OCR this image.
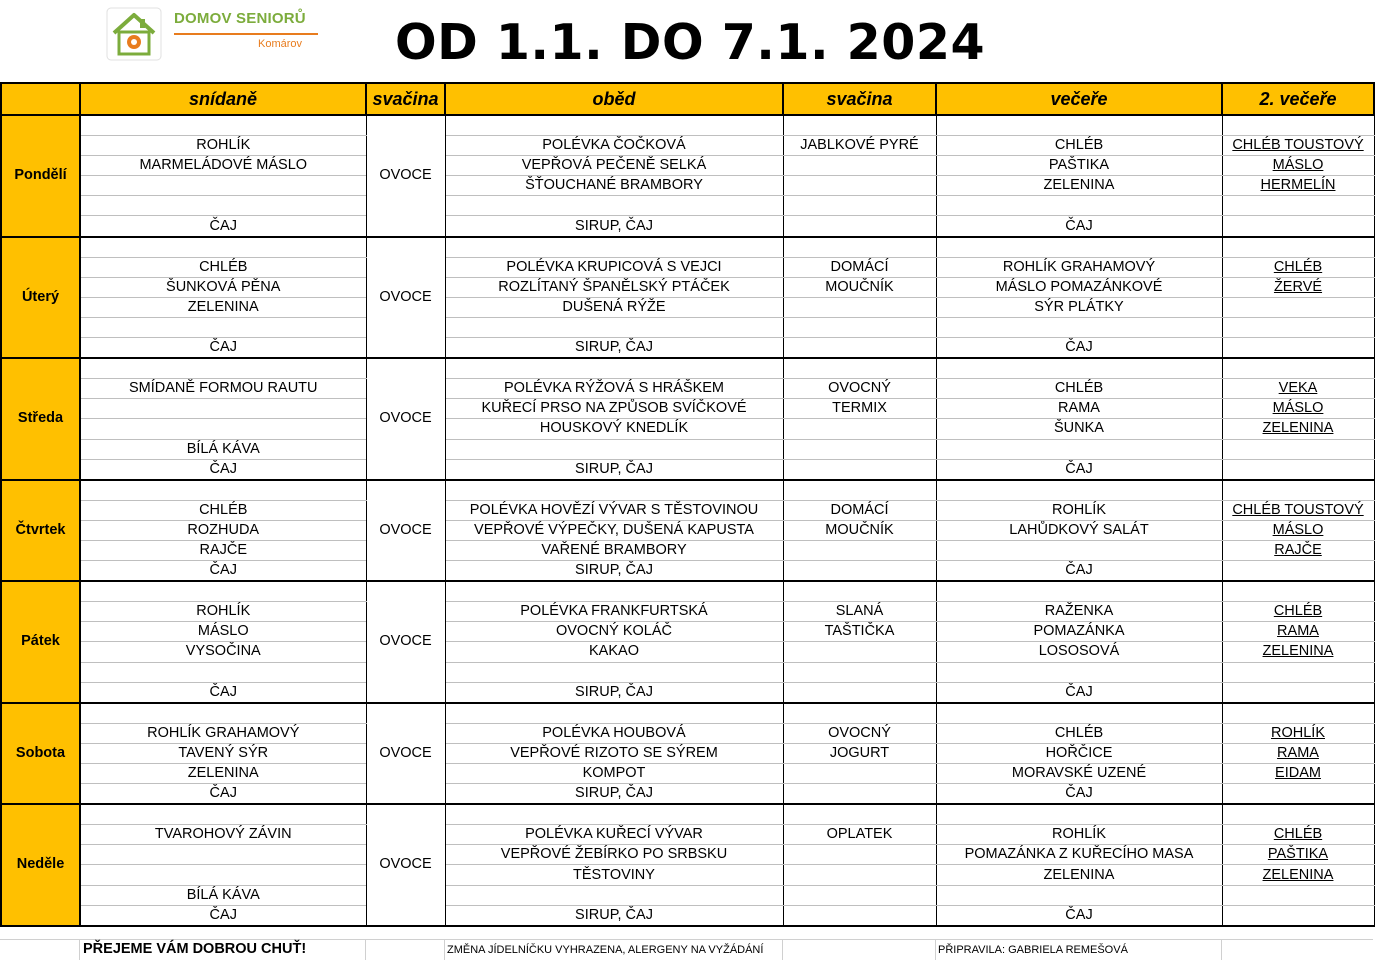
DOMOV SENIORŮ
Komárov	OD 1.1. DO 7.1. 2024
	snídaně	svačina	oběd	svačina	večeře	2. večeře
Pondělí		OVOCE				
	ROHLÍK		POLÉVKA ČOČKOVÁ	JABLKOVÉ PYRÉ	CHLÉB	CHLÉB TOUSTOVÝ
	MARMELÁDOVÉ MÁSLO		VEPŘOVÁ PEČENĚ SELKÁ		PAŠTIKA	MÁSLO
			ŠŤOUCHANÉ BRAMBORY		ZELENINA	HERMELÍN

	ČAJ		SIRUP, ČAJ		ČAJ	
Úterý		OVOCE				
	CHLÉB		POLÉVKA KRUPICOVÁ S VEJCI	DOMÁCÍ	ROHLÍK GRAHAMOVÝ	CHLÉB
	ŠUNKOVÁ PĚNA		ROZLÍTANÝ ŠPANĚLSKÝ PTÁČEK	MOUČNÍK	MÁSLO POMAZÁNKOVÉ	ŽERVÉ
	ZELENINA		DUŠENÁ RÝŽE		SÝR PLÁTKY	

	ČAJ		SIRUP, ČAJ		ČAJ	
Středa		OVOCE				
	SMÍDANĚ FORMOU RAUTU		POLÉVKA RÝŽOVÁ S HRÁŠKEM	OVOCNÝ	CHLÉB	VEKA
			KUŘECÍ PRSO NA ZPŮSOB SVÍČKOVÉ	TERMIX	RAMA	MÁSLO
			HOUSKOVÝ KNEDLÍK		ŠUNKA	ZELENINA
	BÍLÁ KÁVA					
	ČAJ		SIRUP, ČAJ		ČAJ	
Čtvrtek		OVOCE				
	CHLÉB		POLÉVKA HOVĚZÍ VÝVAR S TĚSTOVINOU	DOMÁCÍ	ROHLÍK	CHLÉB TOUSTOVÝ
	ROZHUDA		VEPŘOVÉ VÝPEČKY, DUŠENÁ KAPUSTA	MOUČNÍK	LAHŮDKOVÝ SALÁT	MÁSLO
	RAJČE		VAŘENÉ BRAMBORY			RAJČE
	ČAJ		SIRUP, ČAJ		ČAJ	
Pátek		OVOCE				
	ROHLÍK		POLÉVKA FRANKFURTSKÁ	SLANÁ	RAŽENKA	CHLÉB
	MÁSLO		OVOCNÝ KOLÁČ	TAŠTIČKA	POMAZÁNKA	RAMA
	VYSOČINA		KAKAO		LOSOSOVÁ	ZELENINA

	ČAJ		SIRUP, ČAJ		ČAJ	
Sobota		OVOCE				
	ROHLÍK GRAHAMOVÝ		POLÉVKA HOUBOVÁ	OVOCNÝ	CHLÉB	ROHLÍK
	TAVENÝ SÝR		VEPŘOVÉ RIZOTO SE SÝREM	JOGURT	HOŘČICE	RAMA
	ZELENINA		KOMPOT		MORAVSKÉ UZENÉ	EIDAM
	ČAJ		SIRUP, ČAJ		ČAJ	
Neděle		OVOCE				
	TVAROHOVÝ ZÁVIN		POLÉVKA KUŘECÍ VÝVAR	OPLATEK	ROHLÍK	CHLÉB
			VEPŘOVÉ ŽEBÍRKO PO SRBSKU		POMAZÁNKA Z KUŘECÍHO MASA	PAŠTIKA
			TĚSTOVINY		ZELENINA	ZELENINA
	BÍLÁ KÁVA					
	ČAJ		SIRUP, ČAJ		ČAJ	
PŘEJEME VÁM DOBROU CHUŤ!	ZMĚNA JÍDELNÍČKU VYHRAZENA, ALERGENY NA VYŽÁDÁNÍ	PŘIPRAVILA: GABRIELA REMEŠOVÁ
